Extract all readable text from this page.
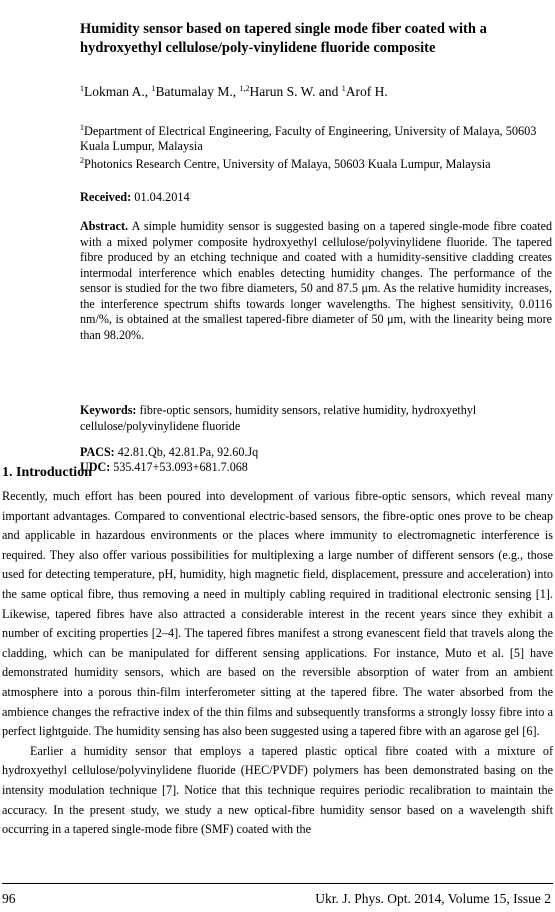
Humidity sensor based on tapered single mode fiber coated with a hydroxyethyl cellulose/poly-vinylidene fluoride composite
$^1$Lokman A., $^1$Batumalay M., $^{1,2}$Harun S. W. and $^1$Arof H.
$^1$Department of Electrical Engineering, Faculty of Engineering, University of Malaya, 50603 Kuala Lumpur, Malaysia
$^2$Photonics Research Centre, University of Malaya, 50603 Kuala Lumpur, Malaysia
Received: 01.04.2014
Abstract. A simple humidity sensor is suggested basing on a tapered single-mode fibre coated with a mixed polymer composite hydroxyethyl cellulose/polyvinylidene fluoride. The tapered fibre produced by an etching technique and coated with a humidity-sensitive cladding creates intermodal interference which enables detecting humidity changes. The performance of the sensor is studied for the two fibre diameters, 50 and 87.5 μm. As the relative humidity increases, the interference spectrum shifts towards longer wavelengths. The highest sensitivity, 0.0116 nm/%, is obtained at the smallest tapered-fibre diameter of 50 μm, with the linearity being more than 98.20%.
Keywords: fibre-optic sensors, humidity sensors, relative humidity, hydroxyethyl cellulose/polyvinylidene fluoride
PACS: 42.81.Qb, 42.81.Pa, 92.60.Jq
UDC: 535.417+53.093+681.7.068
1. Introduction

Recently, much effort has been poured into development of various fibre-optic sensors, which reveal many important advantages. Compared to conventional electric-based sensors, the fibre-optic ones prove to be cheap and applicable in hazardous environments or the places where immunity to electromagnetic interference is required. They also offer various possibilities for multiplexing a large number of different sensors (e.g., those used for detecting temperature, pH, humidity, high magnetic field, displacement, pressure and acceleration) into the same optical fibre, thus removing a need in multiply cabling required in traditional electronic sensing [1]. Likewise, tapered fibres have also attracted a considerable interest in the recent years since they exhibit a number of exciting properties [2–4]. The tapered fibres manifest a strong evanescent field that travels along the cladding, which can be manipulated for different sensing applications. For instance, Muto et al. [5] have demonstrated humidity sensors, which are based on the reversible absorption of water from an ambient atmosphere into a porous thin-film interferometer sitting at the tapered fibre. The water absorbed from the ambience changes the refractive index of the thin films and subsequently transforms a strongly lossy fibre into a perfect lightguide. The humidity sensing has also been suggested using a tapered fibre with an agarose gel [6].

Earlier a humidity sensor that employs a tapered plastic optical fibre coated with a mixture of hydroxyethyl cellulose/polyvinylidene fluoride (HEC/PVDF) polymers has been demonstrated basing on the intensity modulation technique [7]. Notice that this technique requires periodic recalibration to maintain the accuracy. In the present study, we study a new optical-fibre humidity sensor based on a wavelength shift occurring in a tapered single-mode fibre (SMF) coated with the

96	Ukr. J. Phys. Opt. 2014, Volume 15, Issue 2
